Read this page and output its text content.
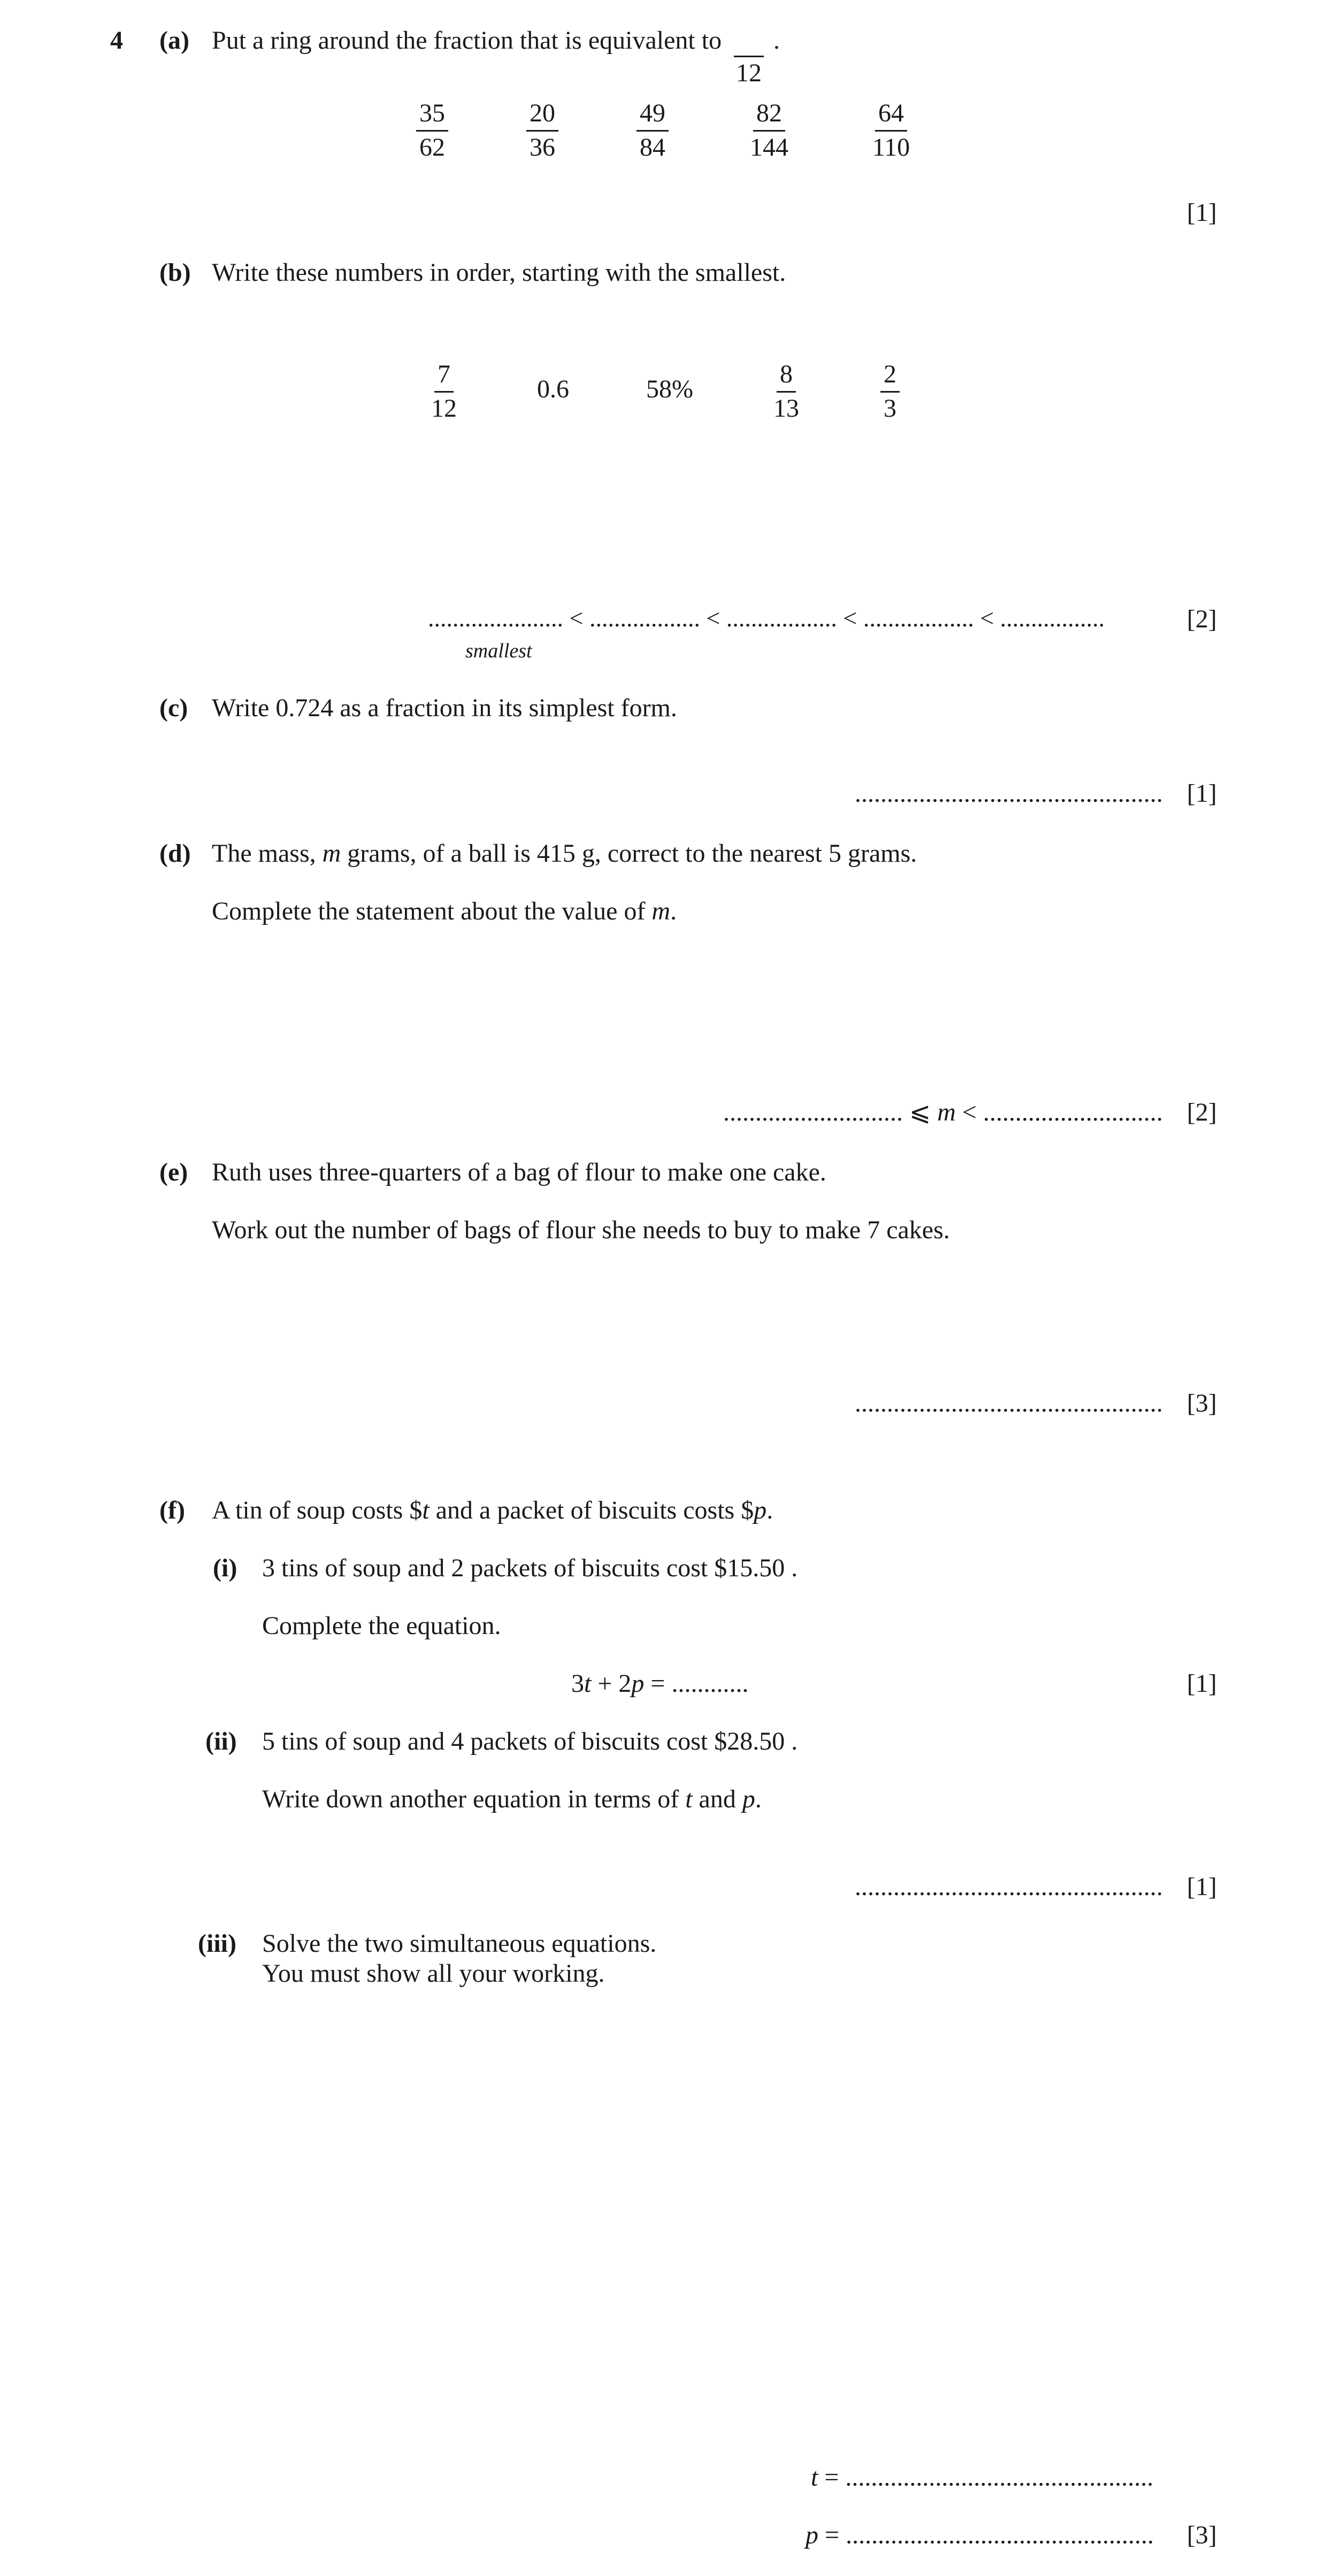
4 (a) Put a ring around the fraction that is equivalent to
12
.
$\frac{35}{62}$	$\frac{20}{36}$	$\frac{49}{84}$	$\frac{82}{144}$	$\frac{64}{110}$
[1]
(b) Write these numbers in order, starting with the smallest.
$\frac{7}{12}$	0.6	58%	$\frac{8}{13}$	$\frac{2}{3}$
...................... < .................. < .................. < .................. < .................	[2]
smallest
(c) Write 0.724 as a fraction in its simplest form.
................................................ [1]
(d) The mass, m grams, of a ball is 415 g, correct to the nearest 5 grams.
Complete the statement about the value of m.
............................ ⩽ m < ............................ [2]
(e) Ruth uses three-quarters of a bag of flour to make one cake.
Work out the number of bags of flour she needs to buy to make 7 cakes.
................................................ [3]
(f) A tin of soup costs $t and a packet of biscuits costs $p.
(i) 3 tins of soup and 2 packets of biscuits cost $15.50 .
Complete the equation.
3t + 2p = ............	[1]
(ii) 5 tins of soup and 4 packets of biscuits cost $28.50 .
Write down another equation in terms of t and p.
................................................ [1]
(iii) Solve the two simultaneous equations.
You must show all your working.
t = ................................................
p = ................................................ [3]
